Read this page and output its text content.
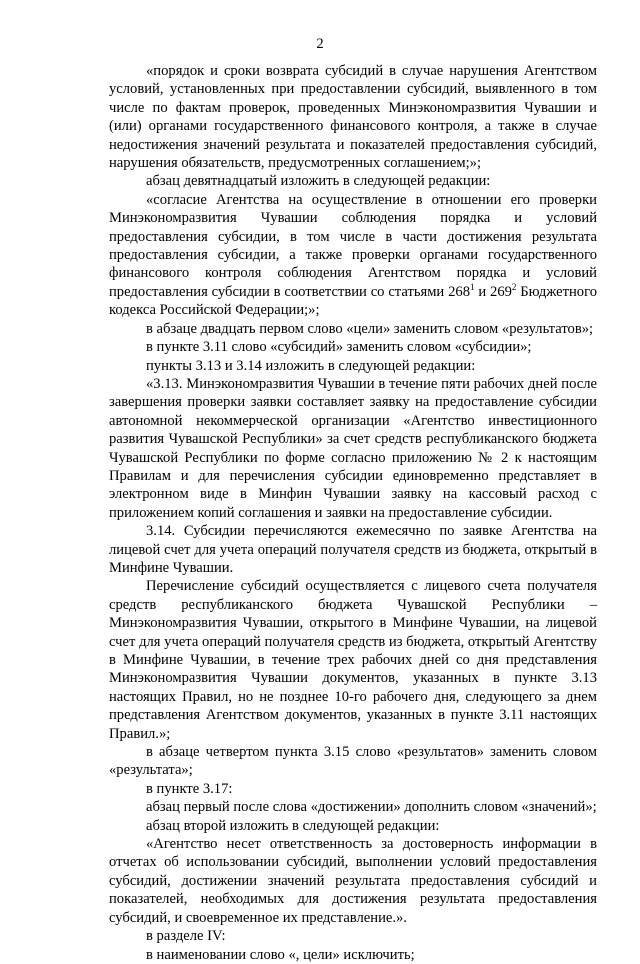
2

«порядок и сроки возврата субсидий в случае нарушения Агентством условий, установленных при предоставлении субсидий, выявленного в том числе по фактам проверок, проведенных Минэкономразвития Чувашии и (или) органами государственного финансового контроля, а также в случае недостижения значений результата и показателей предоставления субсидий, нарушения обязательств, предусмотренных соглашением;»;

абзац девятнадцатый изложить в следующей редакции:

«согласие Агентства на осуществление в отношении его проверки Минэкономразвития Чувашии соблюдения порядка и условий предоставления субсидии, в том числе в части достижения результата предоставления субсидии, а также проверки органами государственного финансового контроля соблюдения Агентством порядка и условий предоставления субсидии в соответствии со статьями $268^1$ и $269^2$ Бюджетного кодекса Российской Федерации;»;

в абзаце двадцать первом слово «цели» заменить словом «результатов»;

в пункте 3.11 слово «субсидий» заменить словом «субсидии»;

пункты 3.13 и 3.14 изложить в следующей редакции:

«3.13. Минэкономразвития Чувашии в течение пяти рабочих дней после завершения проверки заявки составляет заявку на предоставление субсидии автономной некоммерческой организации «Агентство инвестиционного развития Чувашской Республики» за счет средств республиканского бюджета Чувашской Республики по форме согласно приложению № 2 к настоящим Правилам и для перечисления субсидии единовременно представляет в электронном виде в Минфин Чувашии заявку на кассовый расход с приложением копий соглашения и заявки на предоставление субсидии.

3.14. Субсидии перечисляются ежемесячно по заявке Агентства на лицевой счет для учета операций получателя средств из бюджета, открытый в Минфине Чувашии.

Перечисление субсидий осуществляется с лицевого счета получателя средств республиканского бюджета Чувашской Республики – Минэкономразвития Чувашии, открытого в Минфине Чувашии, на лицевой счет для учета операций получателя средств из бюджета, открытый Агентству в Минфине Чувашии, в течение трех рабочих дней со дня представления Минэкономразвития Чувашии документов, указанных в пункте 3.13 настоящих Правил, но не позднее 10-го рабочего дня, следующего за днем представления Агентством документов, указанных в пункте 3.11 настоящих Правил.»;

в абзаце четвертом пункта 3.15 слово «результатов» заменить словом «результата»;

в пункте 3.17:

абзац первый после слова «достижении» дополнить словом «значений»;

абзац второй изложить в следующей редакции:

«Агентство несет ответственность за достоверность информации в отчетах об использовании субсидий, выполнении условий предоставления субсидий, достижении значений результата предоставления субсидий и показателей, необходимых для достижения результата предоставления субсидий, и своевременное их представление.».

в разделе IV:

в наименовании слово «, цели» исключить;
